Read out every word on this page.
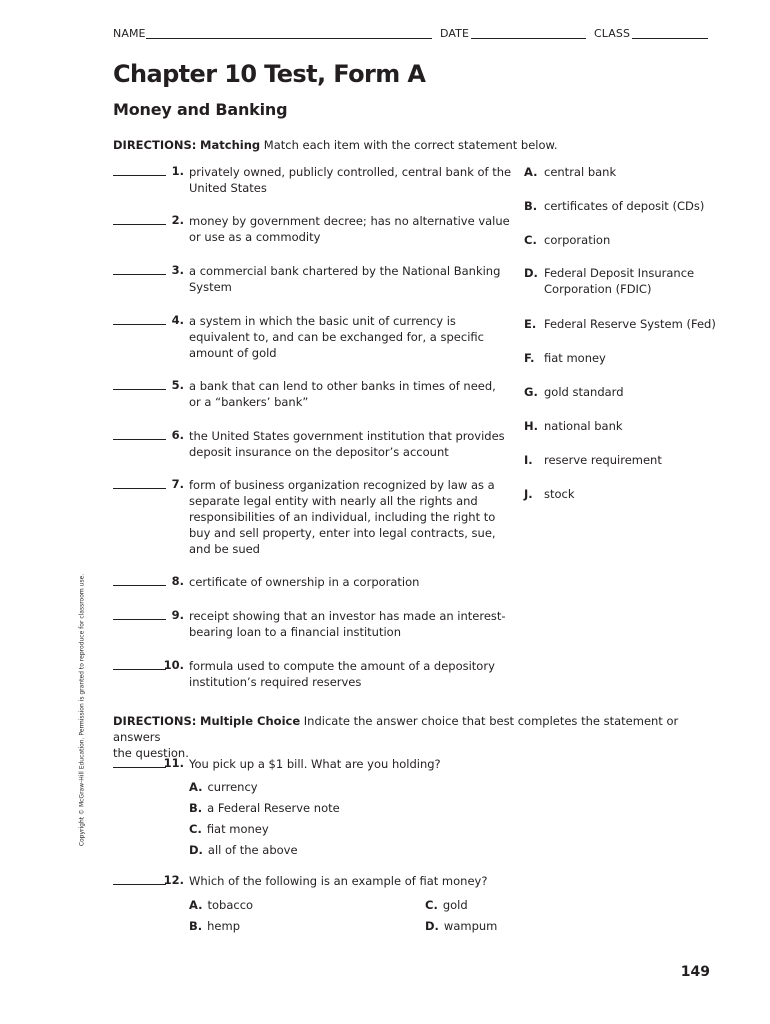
NAME	DATE	CLASS
Chapter 10 Test, Form A
Money and Banking
DIRECTIONS: Matching Match each item with the correct statement below.
1. privately owned, publicly controlled, central bank of the
United States
2. money by government decree; has no alternative value
or use as a commodity
3. a commercial bank chartered by the National Banking
System
4. a system in which the basic unit of currency is
equivalent to, and can be exchanged for, a specific
amount of gold
5. a bank that can lend to other banks in times of need,
or a “bankers’ bank”
6. the United States government institution that provides
deposit insurance on the depositor’s account
7. form of business organization recognized by law as a
separate legal entity with nearly all the rights and
responsibilities of an individual, including the right to
buy and sell property, enter into legal contracts, sue,
and be sued
8. certificate of ownership in a corporation
9. receipt showing that an investor has made an interest-
bearing loan to a financial institution
10. formula used to compute the amount of a depository
institution’s required reserves
A. central bank
B. certificates of deposit (CDs)
C. corporation
D. Federal Deposit Insurance
Corporation (FDIC)
E. Federal Reserve System (Fed)
F. fiat money
G. gold standard
H. national bank
I. reserve requirement
J. stock
DIRECTIONS: Multiple Choice Indicate the answer choice that best completes the statement or answers
the question.
11. You pick up a $1 bill. What are you holding?
A. currency
B. a Federal Reserve note
C. fiat money
D. all of the above
12. Which of the following is an example of fiat money?
A. tobacco	C. gold
B. hemp	D. wampum
Copyright © McGraw-Hill Education. Permission is granted to reproduce for classroom use.
149
